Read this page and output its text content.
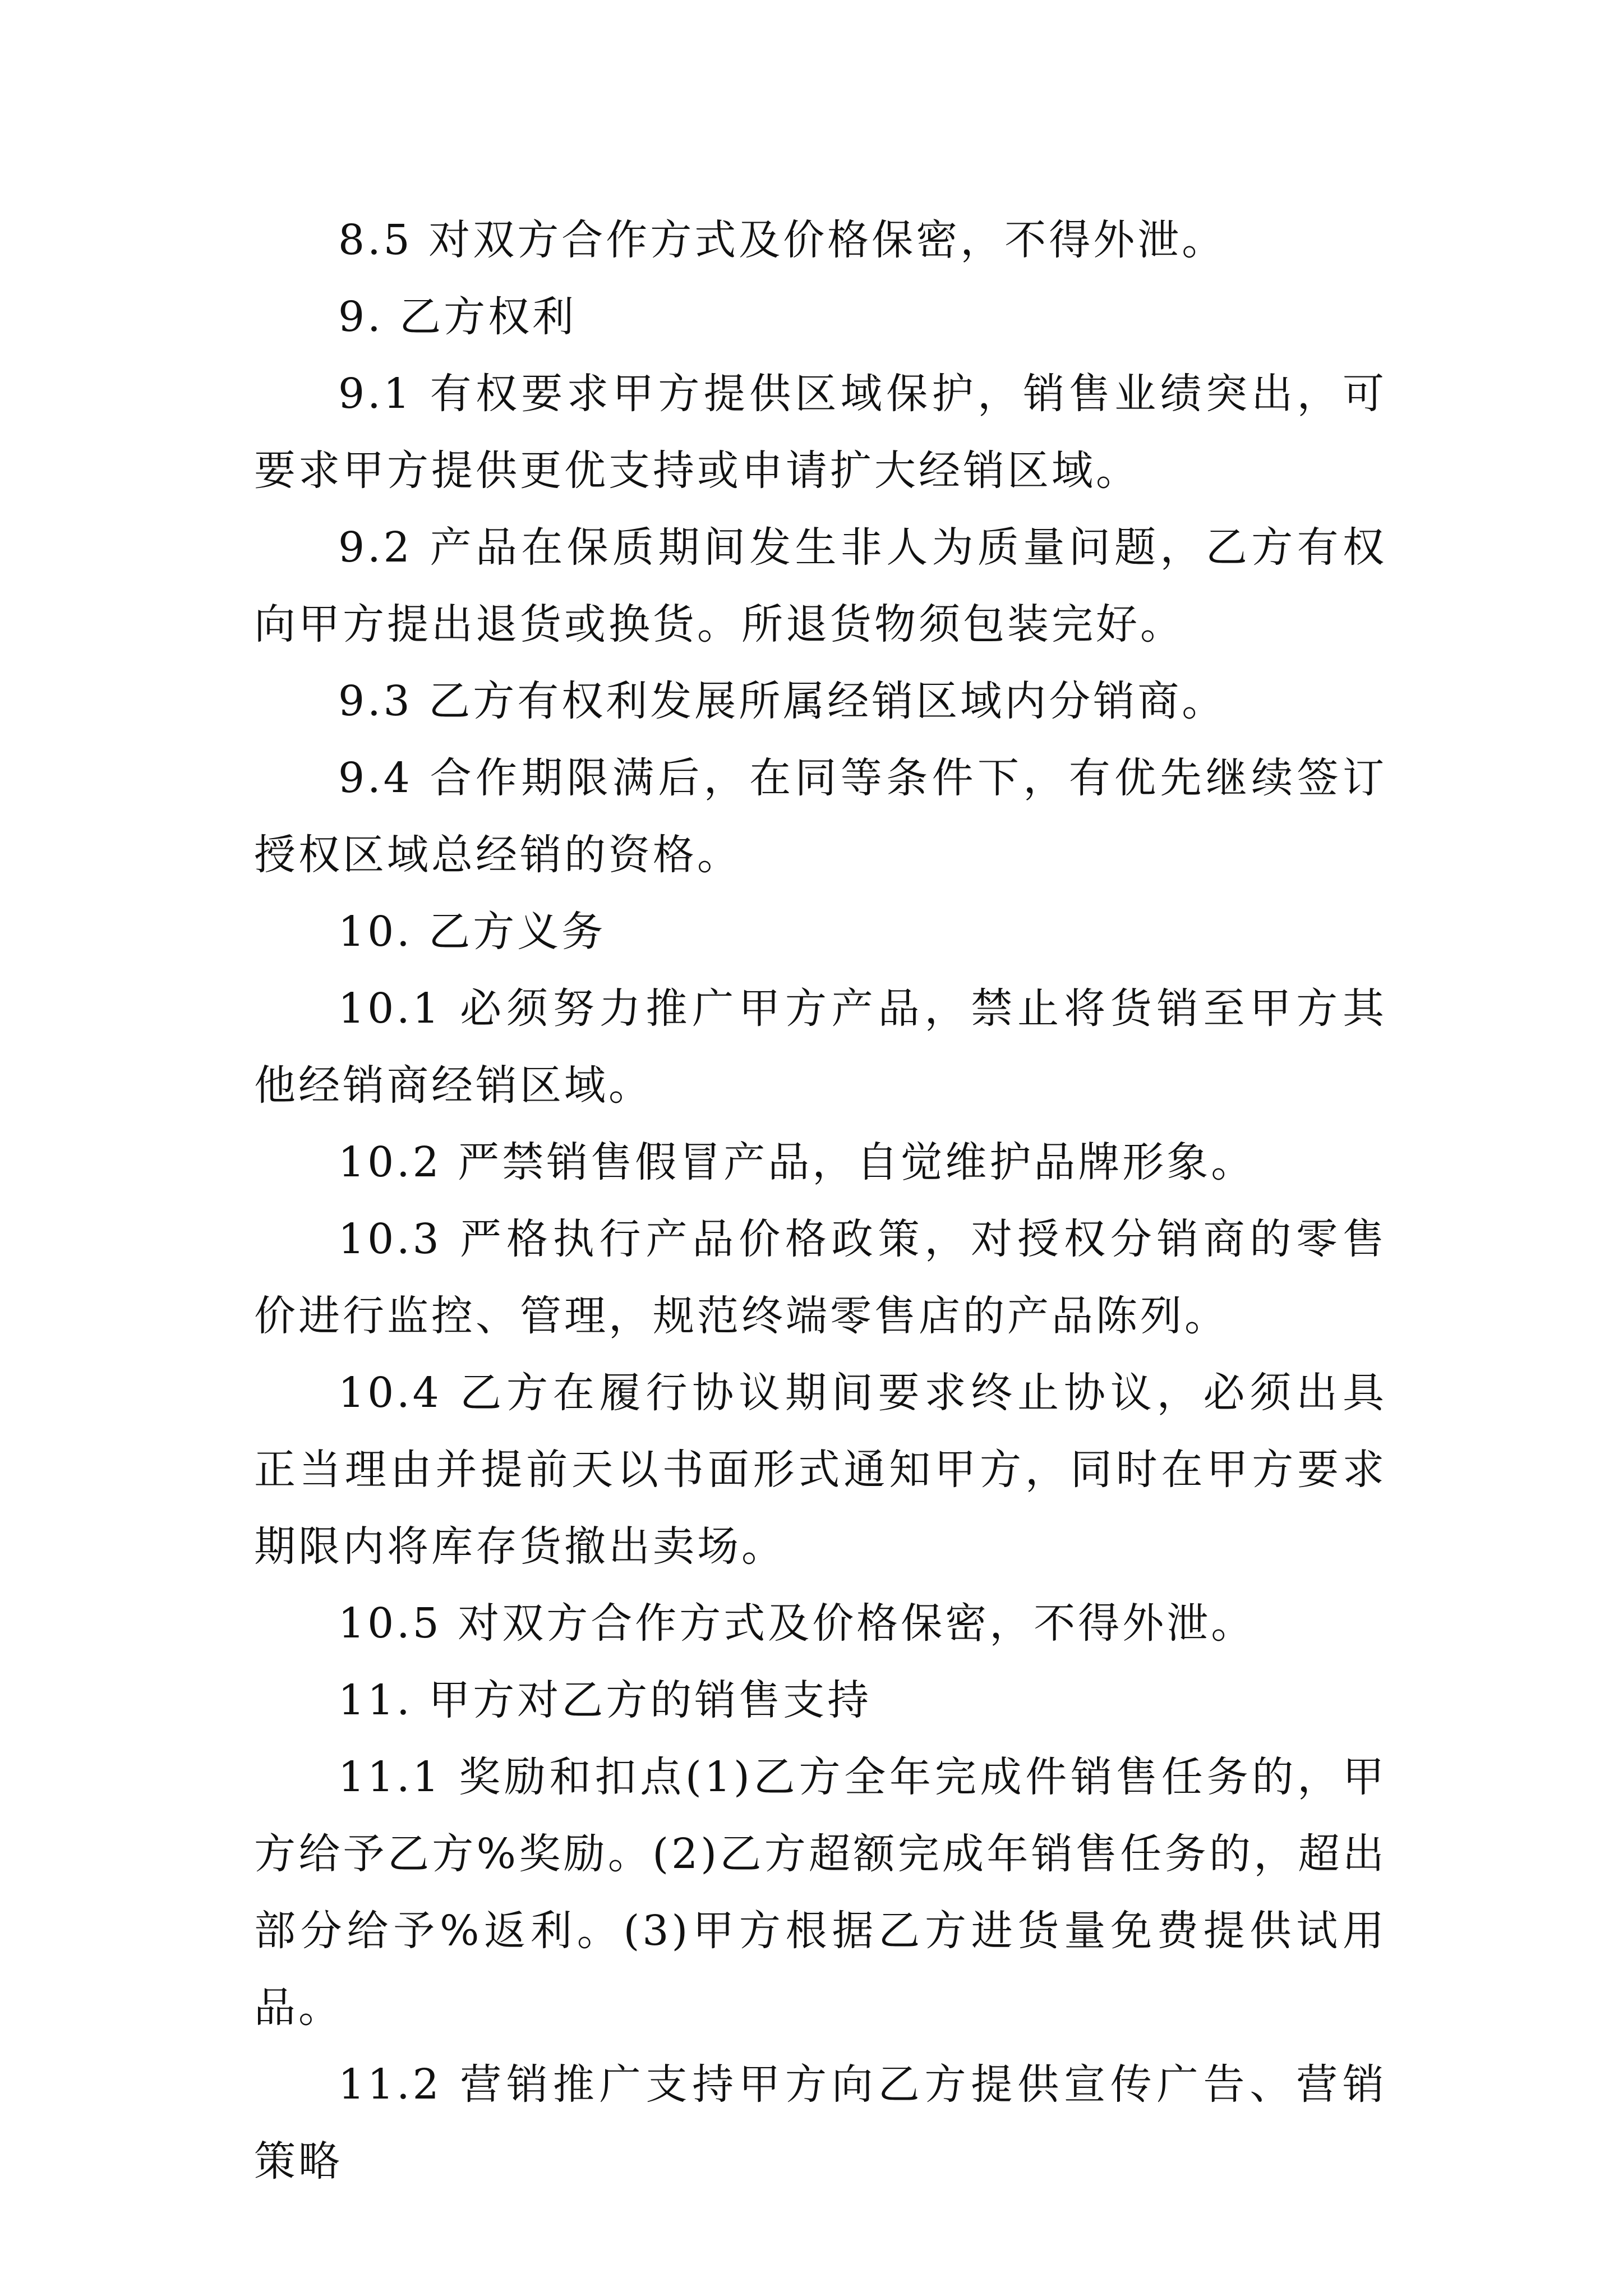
8.5 对双方合作方式及价格保密，不得外泄。

9. 乙方权利

9.1 有权要求甲方提供区域保护，销售业绩突出，可要求甲方提供更优支持或申请扩大经销区域。

9.2 产品在保质期间发生非人为质量问题，乙方有权向甲方提出退货或换货。所退货物须包装完好。

9.3 乙方有权利发展所属经销区域内分销商。

9.4 合作期限满后，在同等条件下，有优先继续签订授权区域总经销的资格。

10. 乙方义务

10.1 必须努力推广甲方产品，禁止将货销至甲方其他经销商经销区域。

10.2 严禁销售假冒产品，自觉维护品牌形象。

10.3 严格执行产品价格政策，对授权分销商的零售价进行监控、管理，规范终端零售店的产品陈列。

10.4 乙方在履行协议期间要求终止协议，必须出具正当理由并提前天以书面形式通知甲方，同时在甲方要求期限内将库存货撤出卖场。

10.5 对双方合作方式及价格保密，不得外泄。

11. 甲方对乙方的销售支持

11.1 奖励和扣点(1)乙方全年完成件销售任务的，甲方给予乙方%奖励。(2)乙方超额完成年销售任务的，超出部分给予%返利。(3)甲方根据乙方进货量免费提供试用品。

11.2 营销推广支持甲方向乙方提供宣传广告、营销策略
